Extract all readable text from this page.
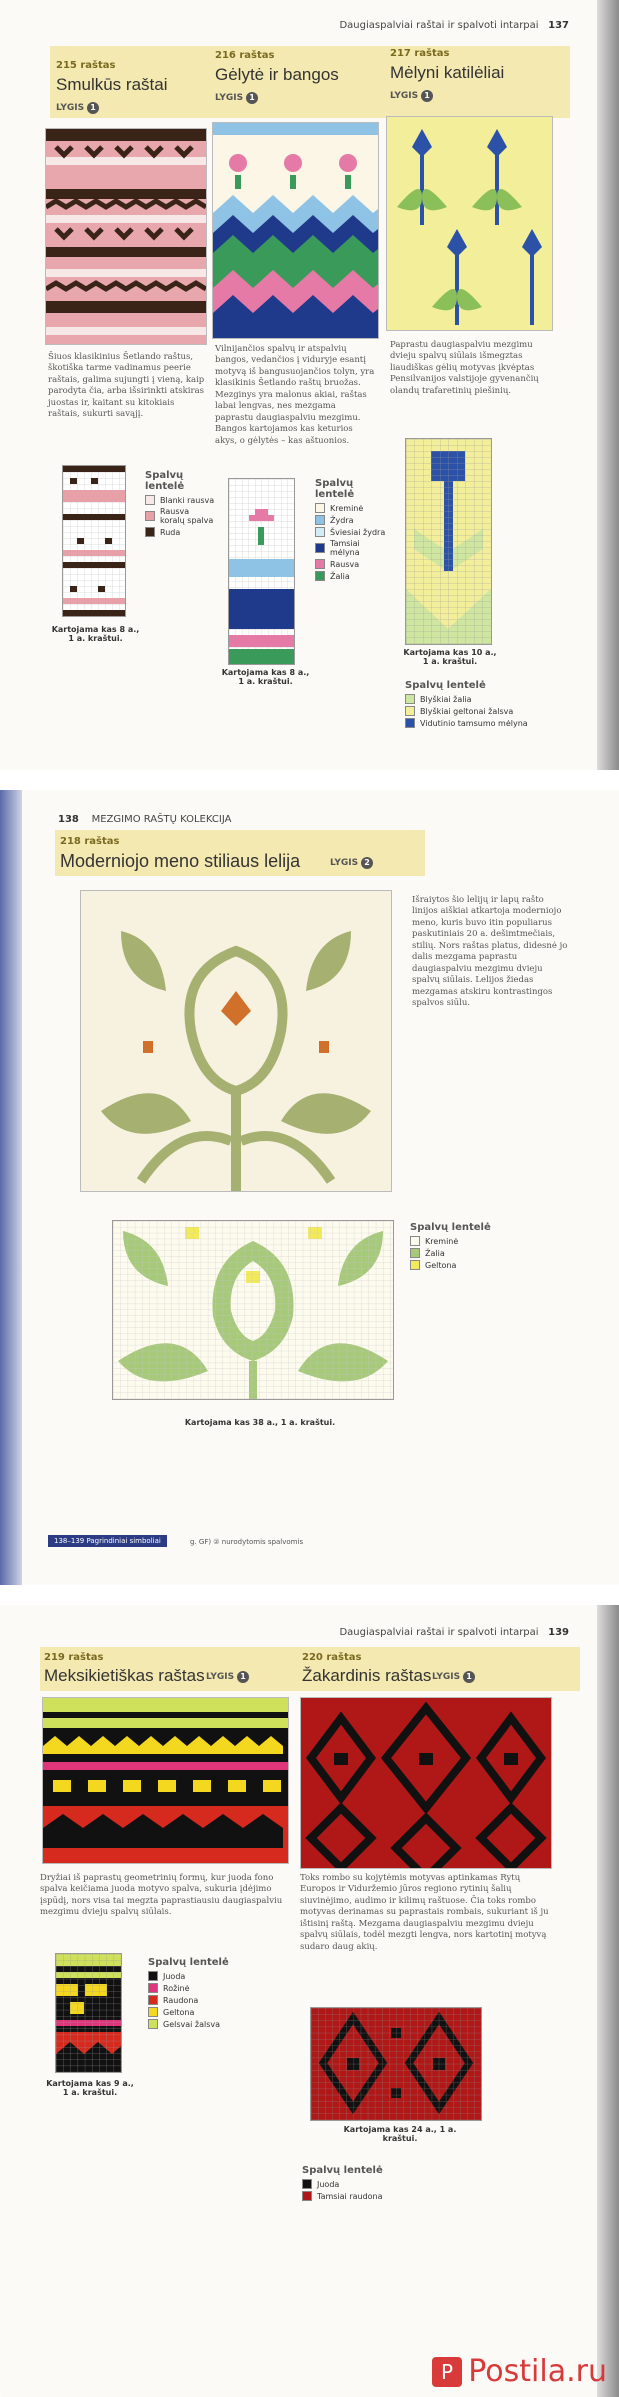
Daugiaspalviai raštai ir spalvoti intarpai 137
215 raštas
Smulkūs raštai
LYGIS 1
216 raštas
Gėlytė ir bangos
LYGIS 1
217 raštas
Mėlyni katilėliai
LYGIS 1
Šiuos klasikinius Šetlando raštus, škotiška tarme vadinamus peerie raštais, galima sujungti į vieną, kaip parodyta čia, arba išsirinkti atskiras juostas ir, kaitant su kitokiais raštais, sukurti savąjį.
Vilnijančios spalvų ir atspalvių bangos, vedančios į viduryje esantį motyvą iš bangusuojančios tolyn, yra klasikinis Šetlando raštų bruožas. Mezginys yra malonus akiai, raštas labai lengvas, nes mezgama paprastu daugiaspalviu mezgimu. Bangos kartojamos kas keturios akys, o gėlytės – kas aštuonios.
Paprastu daugiaspalviu mezgimu dvieju spalvų siūlais išmegztas liaudiškas gėlių motyvas įkvėptas Pensilvanijos valstijoje gyvenančių olandų trafaretinių piešinių.
Kartojama kas 8 a., 1 a. kraštui.
Kartojama kas 8 a., 1 a. kraštui.
Kartojama kas 10 a., 1 a. kraštui.
Spalvų lentelė
Blanki rausva
Rausva koralų spalva
Ruda
Spalvų lentelė
Kreminė
Žydra
Šviesiai žydra
Tamsiai mėlyna
Rausva
Žalia
Spalvų lentelė
Blyškiai žalia
Blyškiai geltonai žalsva
Vidutinio tamsumo mėlyna
138 MEZGIMO RAŠTŲ KOLEKCIJA
218 raštas
Moderniojo meno stiliaus lelija	LYGIS 2
Išraiytos šio lelijų ir lapų rašto linijos aiškiai atkartoja moderniojo meno, kuris buvo itin populiarus paskutiniais 20 a. dešimtmečiais, stilių. Nors raštas platus, didesnė jo dalis mezgama paprastu daugiaspalviu mezgimu dvieju spalvų siūlais. Lelijos žiedas mezgamas atskiru kontrastingos spalvos siūlu.
Kartojama kas 38 a., 1 a. kraštui.
Spalvų lentelė
Kreminė
Žalia
Geltona
138–139 Pagrindiniai simboliai	g. GF) ② nurodytomis spalvomis
Daugiaspalviai raštai ir spalvoti intarpai 139
219 raštas
Meksikietiškas raštas LYGIS 1
220 raštas
Žakardinis raštas LYGIS 1
Dryžiai iš paprastų geometrinių formų, kur juoda fono spalva keičiama juoda motyvo spalva, sukuria įdėjimo įspūdį, nors visa tai megzta paprastiausiu daugiaspalviu mezgimu dvieju spalvų siūlais.
Toks rombo su kojytėmis motyvas aptinkamas Rytų Europos ir Viduržemio jūros regiono rytinių šalių siuvinėjimo, audimo ir kilimų raštuose. Čia toks rombo motyvas derinamas su paprastais rombais, sukuriant iš ju ištisinį raštą. Mezgama daugiaspalviu mezgimu dvieju spalvų siūlais, todėl mezgti lengva, nors kartotinį motyvą sudaro daug akių.
Kartojama kas 9 a., 1 a. kraštui.
Spalvų lentelė
Juoda
Rožinė
Raudona
Geltona
Gelsvai žalsva
Kartojama kas 24 a., 1 a. kraštui.
Spalvų lentelė
Juoda
Tamsiai raudona
P Postila.ru
